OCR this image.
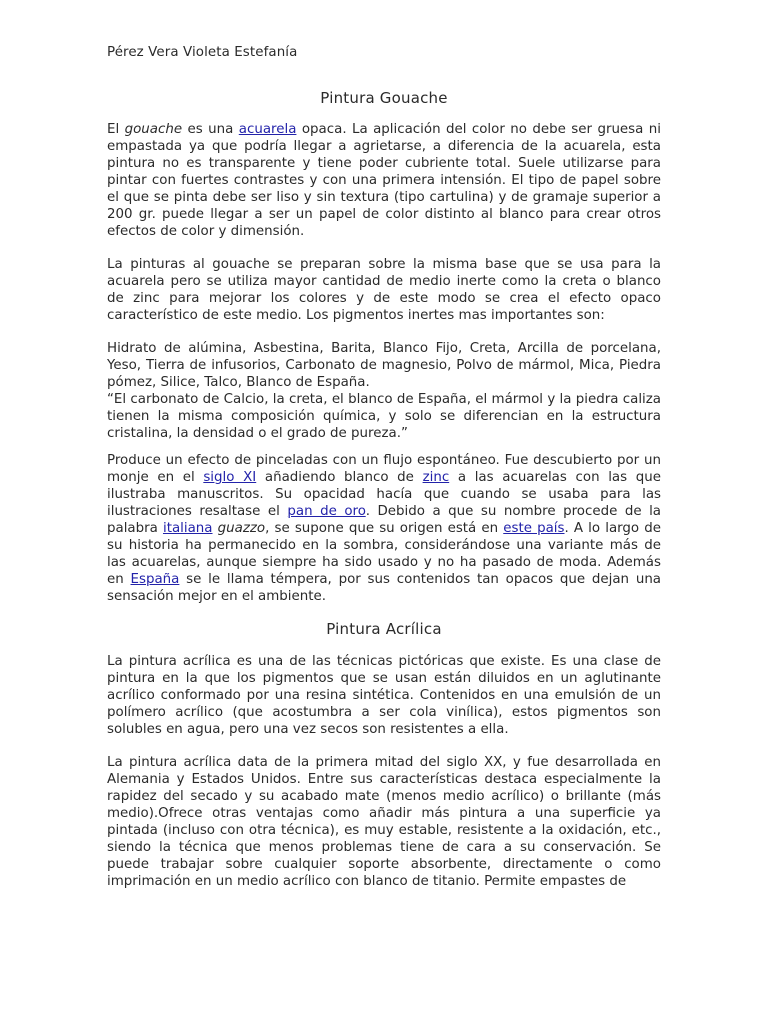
Pérez Vera Violeta Estefanía
Pintura Gouache

El gouache es una acuarela opaca. La aplicación del color no debe ser gruesa ni empastada ya que podría llegar a agrietarse, a diferencia de la acuarela, esta pintura no es transparente y tiene poder cubriente total. Suele utilizarse para pintar con fuertes contrastes y con una primera intensión. El tipo de papel sobre el que se pinta debe ser liso y sin textura (tipo cartulina) y de gramaje superior a 200 gr. puede llegar a ser un papel de color distinto al blanco para crear otros efectos de color y dimensión.

La pinturas al gouache se preparan sobre la misma base que se usa para la acuarela pero se utiliza mayor cantidad de medio inerte como la creta o blanco de zinc para mejorar los colores y de este modo se crea el efecto opaco característico de este medio. Los pigmentos inertes mas importantes son:

Hidrato de alúmina, Asbestina, Barita, Blanco Fijo, Creta, Arcilla de porcelana, Yeso, Tierra de infusorios, Carbonato de magnesio, Polvo de mármol, Mica, Piedra pómez, Silice, Talco, Blanco de España.

“El carbonato de Calcio, la creta, el blanco de España, el mármol y la piedra caliza tienen la misma composición química, y solo se diferencian en la estructura cristalina, la densidad o el grado de pureza.”

Produce un efecto de pinceladas con un flujo espontáneo. Fue descubierto por un monje en el siglo XI añadiendo blanco de zinc a las acuarelas con las que ilustraba manuscritos. Su opacidad hacía que cuando se usaba para las ilustraciones resaltase el pan de oro. Debido a que su nombre procede de la palabra italiana guazzo, se supone que su origen está en este país. A lo largo de su historia ha permanecido en la sombra, considerándose una variante más de las acuarelas, aunque siempre ha sido usado y no ha pasado de moda. Además en España se le llama témpera, por sus contenidos tan opacos que dejan una sensación mejor en el ambiente.

Pintura Acrílica

La pintura acrílica es una de las técnicas pictóricas que existe. Es una clase de pintura en la que los pigmentos que se usan están diluidos en un aglutinante acrílico conformado por una resina sintética. Contenidos en una emulsión de un polímero acrílico (que acostumbra a ser cola vinílica), estos pigmentos son solubles en agua, pero una vez secos son resistentes a ella.

La pintura acrílica data de la primera mitad del siglo XX, y fue desarrollada en Alemania y Estados Unidos. Entre sus características destaca especialmente la rapidez del secado y su acabado mate (menos medio acrílico) o brillante (más medio).Ofrece otras ventajas como añadir más pintura a una superficie ya pintada (incluso con otra técnica), es muy estable, resistente a la oxidación, etc., siendo la técnica que menos problemas tiene de cara a su conservación. Se puede trabajar sobre cualquier soporte absorbente, directamente o como imprimación en un medio acrílico con blanco de titanio. Permite empastes de
